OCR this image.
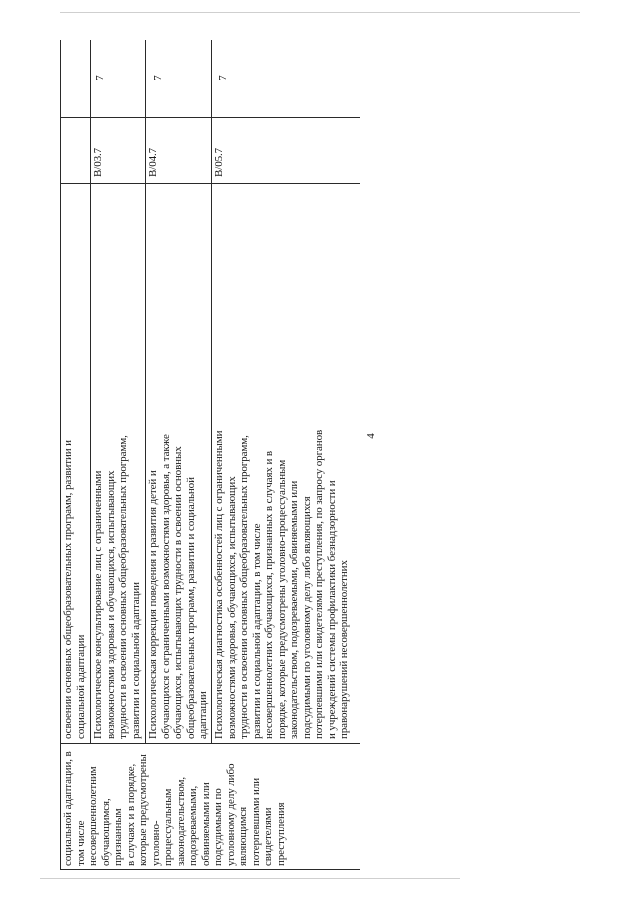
4
социальной адаптации, в том числе несовершеннолетним обучающимся, признанным в случаях и в порядке, которые предусмотрены уголовно-процессуальным законодательством, подозреваемыми, обвиняемыми или подсудимыми по уголовному делу либо являющимся потерпевшими или свидетелями преступления
освоении основных общеобразовательных программ, развитии и социальной адаптации Психологическое консультирование лиц с ограниченными возможностями здоровья и обучающихся, испытывающих трудности в освоении основных общеобразовательных программ, развитии и социальной адаптации
В/03.7
7
Психологическая коррекция поведения и развития детей и обучающихся с ограниченными возможностями здоровья, а также обучающихся, испытывающих трудности в освоении основных общеобразовательных программ, развитии и социальной адаптации
В/04.7
7
Психологическая диагностика особенностей лиц с ограниченными возможностями здоровья, обучающихся, испытывающих трудности в освоении основных общеобразовательных программ, развитии и социальной адаптации, в том числе несовершеннолетних обучающихся, признанных в случаях и в порядке, которые предусмотрены уголовно-процессуальным законодательством, подозреваемыми, обвиняемыми или подсудимыми по уголовному делу либо являющихся потерпевшими или свидетелями преступления, по запросу органов и учреждений системы профилактики безнадзорности и правонарушений несовершеннолетних
В/05.7
7
